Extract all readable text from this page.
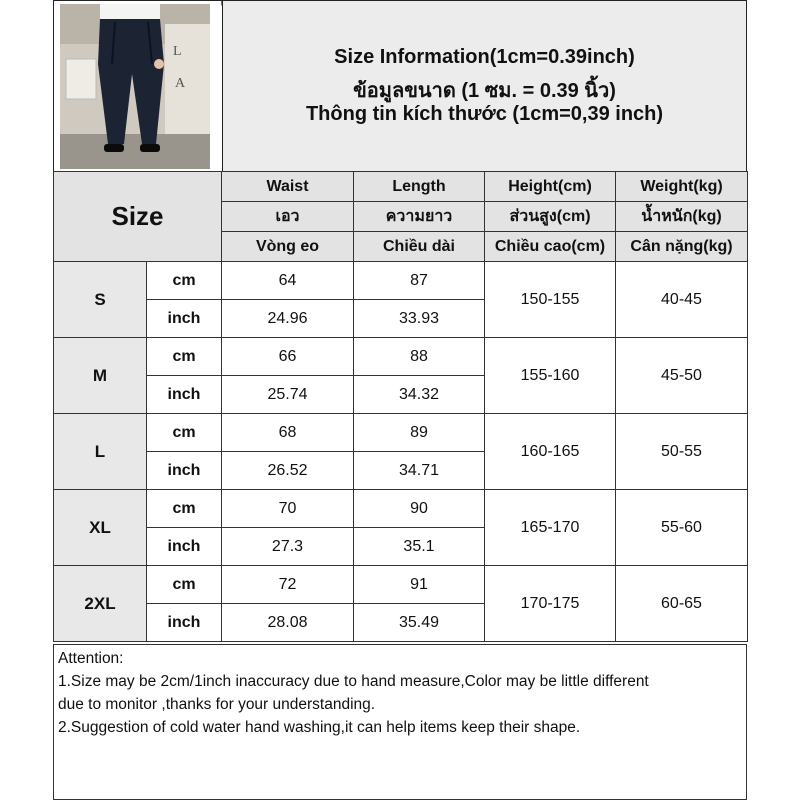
L
A
Size Information(1cm=0.39inch)
ข้อมูลขนาด (1 ซม. = 0.39 นิ้ว)
Thông tin kích thước (1cm=0,39 inch)
Size		Waist	Length	Height(cm)	Weight(kg)
		เอว	ความยาว	ส่วนสูง(cm)	น้ำหนัก(kg)
		Vòng eo	Chiều dài	Chiều cao(cm)	Cân nặng(kg)
S	cm	64	87	150-155	40-45
	inch	24.96	33.93		
M	cm	66	88	155-160	45-50
	inch	25.74	34.32		
L	cm	68	89	160-165	50-55
	inch	26.52	34.71		
XL	cm	70	90	165-170	55-60
	inch	27.3	35.1		
2XL	cm	72	91	170-175	60-65
	inch	28.08	35.49		
Attention:
1.Size may be 2cm/1inch inaccuracy due to hand measure,Color may be little different
due to monitor ,thanks for your understanding.
2.Suggestion of cold water hand washing,it can help items keep their shape.
